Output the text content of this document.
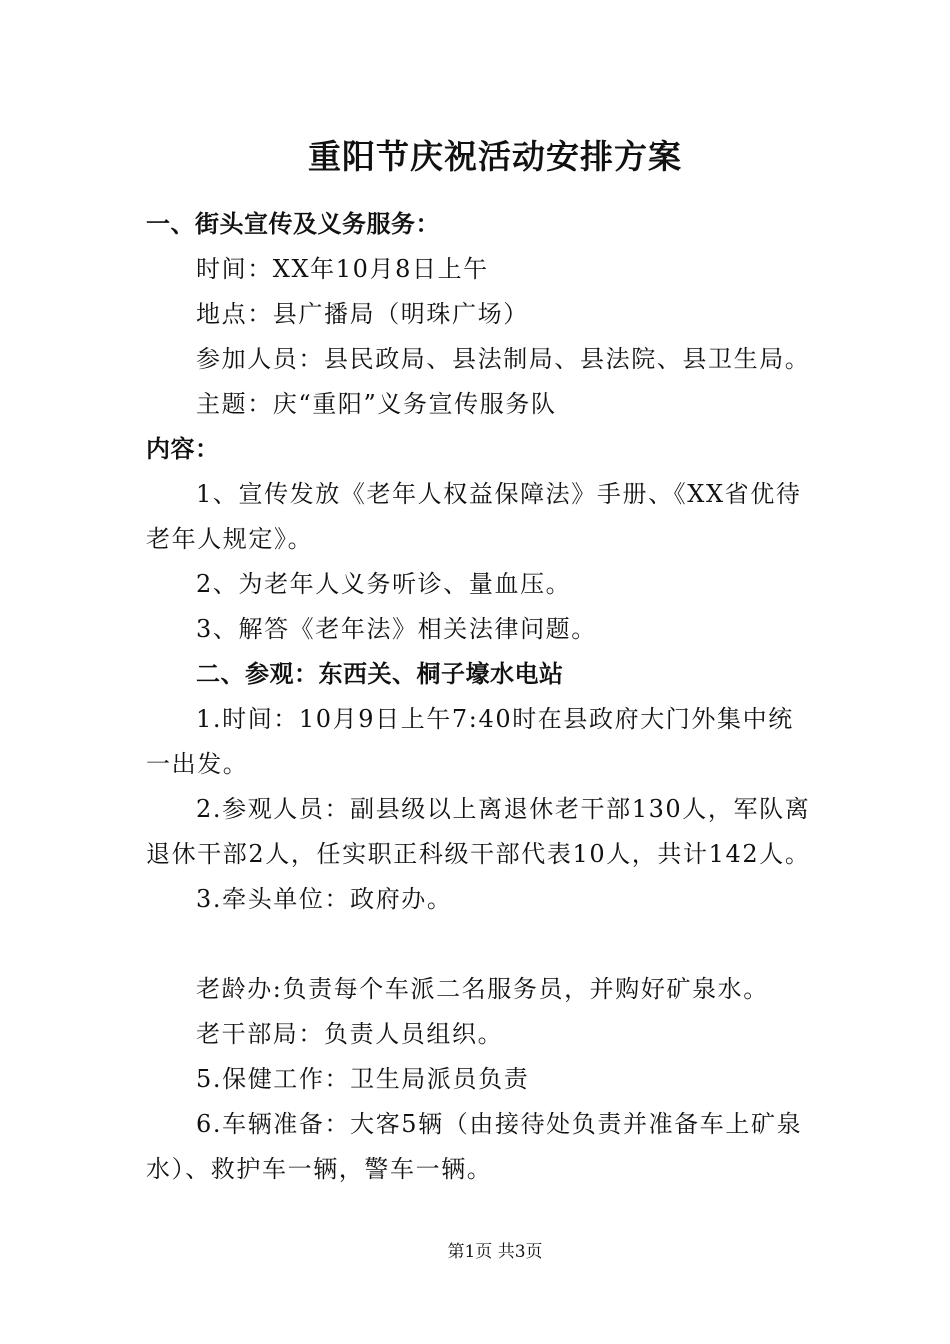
重阳节庆祝活动安排方案
一、街头宣传及义务服务：
时间：XX年10月8日上午
地点：县广播局（明珠广场）
参加人员：县民政局、县法制局、县法院、县卫生局。
主题：庆“重阳”义务宣传服务队
内容：
1、宣传发放《老年人权益保障法》手册、《XX省优待
老年人规定》。
2、为老年人义务听诊、量血压。
3、解答《老年法》相关法律问题。
二、参观：东西关、桐子壕水电站
1.时间：10月9日上午7:40时在县政府大门外集中统
一出发。
2.参观人员：副县级以上离退休老干部130人，军队离
退休干部2人，任实职正科级干部代表10人，共计142人。
3.牵头单位：政府办。
老龄办:负责每个车派二名服务员，并购好矿泉水。
老干部局：负责人员组织。
5.保健工作：卫生局派员负责
6.车辆准备：大客5辆（由接待处负责并准备车上矿泉
水）、救护车一辆，警车一辆。
第1页 共3页
